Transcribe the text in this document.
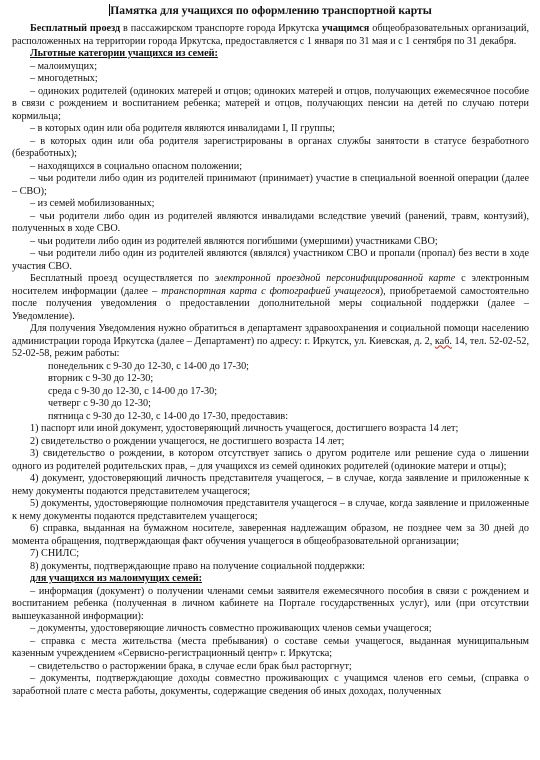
Памятка для учащихся по оформлению транспортной карты

Бесплатный проезд в пассажирском транспорте города Иркутска учащимся общеобразовательных организаций, расположенных на территории города Иркутска, предоставляется с 1 января по 31 мая и с 1 сентября по 31 декабря.

Льготные категории учащихся из семей:

– малоимущих;

– многодетных;

– одиноких родителей (одиноких матерей и отцов; одиноких матерей и отцов, получающих ежемесячное пособие в связи с рождением и воспитанием ребенка; матерей и отцов, получающих пенсии на детей по случаю потери кормильца;

– в которых один или оба родителя являются инвалидами I, II группы;

– в которых один или оба родителя зарегистрированы в органах службы занятости в статусе безработного (безработных);

– находящихся в социально опасном положении;

– чьи родители либо один из родителей принимают (принимает) участие в специальной военной операции (далее – СВО);

– из семей мобилизованных;

– чьи родители либо один из родителей являются инвалидами вследствие увечий (ранений, травм, контузий), полученных в ходе СВО.

– чьи родители либо один из родителей являются погибшими (умершими) участниками СВО;

– чьи родители либо один из родителей являются (являлся) участником СВО и пропали (пропал) без вести в ходе участия СВО.

Бесплатный проезд осуществляется по электронной проездной персонифицированной карте с электронным носителем информации (далее – транспортная карта с фотографией учащегося), приобретаемой самостоятельно после получения уведомления о предоставлении дополнительной меры социальной поддержки (далее – Уведомление).

Для получения Уведомления нужно обратиться в департамент здравоохранения и социальной помощи населению администрации города Иркутска (далее – Департамент) по адресу: г. Иркутск, ул. Киевская, д. 2, каб. 14, тел. 52-02-52, 52-02-58, режим работы:

понедельник с 9-30 до 12-30, с 14-00 до 17-30;

вторник с 9-30 до 12-30;

среда с 9-30 до 12-30, с 14-00 до 17-30;

четверг с 9-30 до 12-30;

пятница с 9-30 до 12-30, с 14-00 до 17-30, предоставив:

1) паспорт или иной документ, удостоверяющий личность учащегося, достигшего возраста 14 лет;

2) свидетельство о рождении учащегося, не достигшего возраста 14 лет;

3) свидетельство о рождении, в котором отсутствует запись о другом родителе или решение суда о лишении одного из родителей родительских прав, – для учащихся из семей одиноких родителей (одинокие матери и отцы);

4) документ, удостоверяющий личность представителя учащегося, – в случае, когда заявление и приложенные к нему документы подаются представителем учащегося;

5) документы, удостоверяющие полномочия представителя учащегося – в случае, когда заявление и приложенные к нему документы подаются представителем учащегося;

6) справка, выданная на бумажном носителе, заверенная надлежащим образом, не позднее чем за 30 дней до момента обращения, подтверждающая факт обучения учащегося в общеобразовательной организации;

7) СНИЛС;

8) документы, подтверждающие право на получение социальной поддержки:

для учащихся из малоимущих семей:

– информация (документ) о получении членами семьи заявителя ежемесячного пособия в связи с рождением и воспитанием ребенка (полученная в личном кабинете на Портале государственных услуг), или (при отсутствии вышеуказанной информации):

– документы, удостоверяющие личность совместно проживающих членов семьи учащегося;

– справка с места жительства (места пребывания) о составе семьи учащегося, выданная муниципальным казенным учреждением «Сервисно-регистрационный центр» г. Иркутска;

– свидетельство о расторжении брака, в случае если брак был расторгнут;

– документы, подтверждающие доходы совместно проживающих с учащимся членов его семьи, (справка о заработной плате с места работы, документы, содержащие сведения об иных доходах, полученных
